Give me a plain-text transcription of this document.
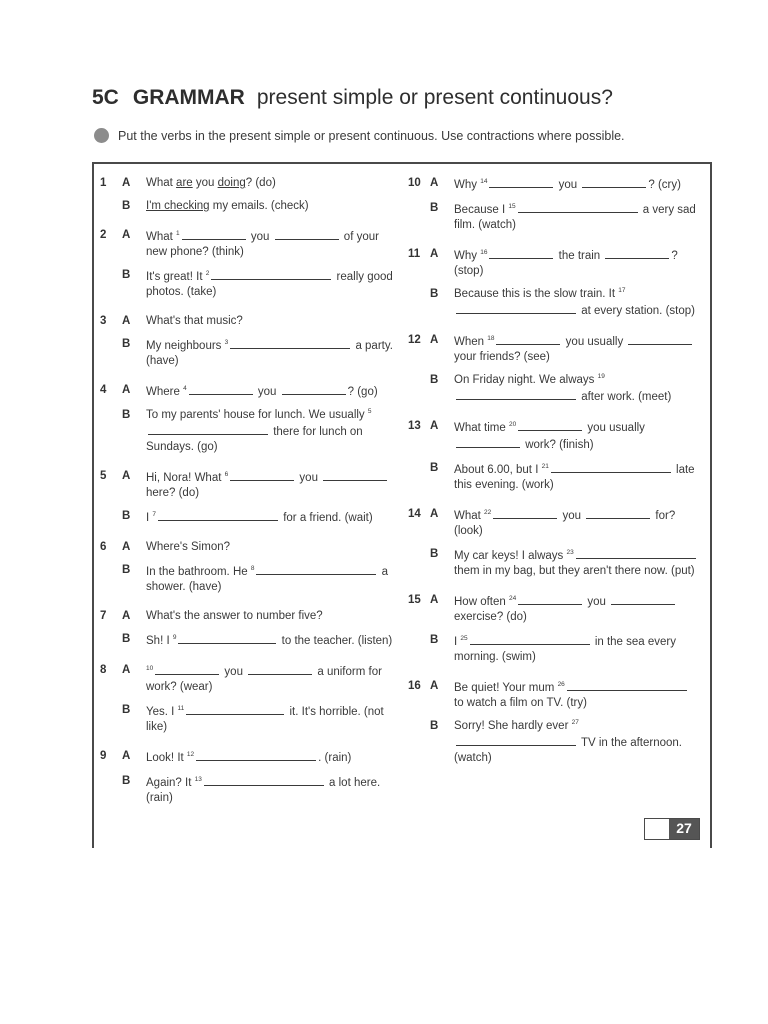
5C GRAMMAR present simple or present continuous?
Put the verbs in the present simple or present continuous. Use contractions where possible.
1	A	What are you doing? (do)
B	I'm checking my emails. (check)
2	A	What $^1$	you	of your new phone? (think)
B	It's great! It $^2$	really good photos. (take)
3	A	What's that music?
B	My neighbours $^3$	a party. (have)
4	A	Where $^4$	you	? (go)
B	To my parents' house for lunch. We usually $^5$ there for lunch on Sundays. (go)
5	A	Hi, Nora! What $^6$	you  here? (do)
B	I $^7$	for a friend. (wait)
6	A	Where's Simon?
B	In the bathroom. He $^8$	a shower. (have)
7	A	What's the answer to number five?
B	Sh! I $^9$	to the teacher. (listen)
8	A	$^{10}$	you	a uniform for work? (wear)
B	Yes. I $^{11}$	it. It's horrible. (not like)
9	A	Look! It $^{12}$	. (rain)
B	Again? It $^{13}$	a lot here. (rain)
10 A	Why $^{14}$	you	? (cry)
B	Because I $^{15}$	a very sad film. (watch)
11 A	Why $^{16}$	the train	? (stop)
B	Because this is the slow train. It $^{17}$ at every station. (stop)
12 A	When $^{18}$	you usually  your friends? (see)
B	On Friday night. We always $^{19}$ after work. (meet)
13 A	What time $^{20}$	you usually  work? (finish)
B	About 6.00, but I $^{21}$	late this evening. (work)
14 A	What $^{22}$	you	for? (look)
B	My car keys! I always $^{23}$ them in my bag, but they aren't there now. (put)
15 A	How often $^{24}$	you  exercise? (do)
B	I $^{25}$	in the sea every morning. (swim)
16 A	Be quiet! Your mum $^{26}$ to watch a film on TV. (try)
B	Sorry! She hardly ever $^{27}$ TV in the afternoon. (watch)
27
